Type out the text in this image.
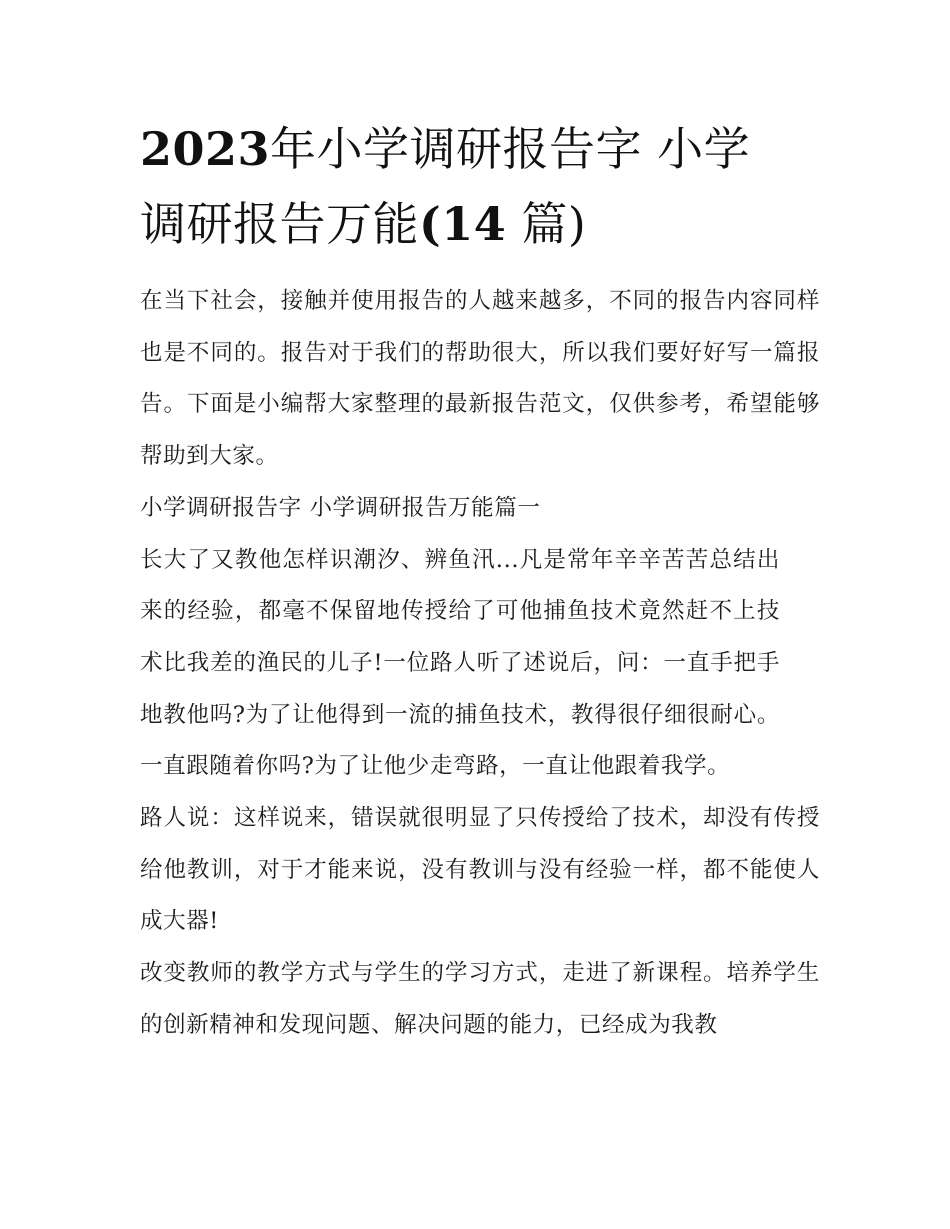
2023年小学调研报告字 小学
调研报告万能(14 篇)

在当下社会，接触并使用报告的人越来越多，不同的报告内容同样也是不同的。报告对于我们的帮助很大，所以我们要好好写一篇报告。下面是小编帮大家整理的最新报告范文，仅供参考，希望能够帮助到大家。

小学调研报告字 小学调研报告万能篇一

长大了又教他怎样识潮汐、辨鱼汛...凡是常年辛辛苦苦总结出来的经验，都毫不保留地传授给了可他捕鱼技术竟然赶不上技术比我差的渔民的儿子!一位路人听了述说后，问：一直手把手地教他吗?为了让他得到一流的捕鱼技术，教得很仔细很耐心。一直跟随着你吗?为了让他少走弯路，一直让他跟着我学。

路人说：这样说来，错误就很明显了只传授给了技术，却没有传授给他教训，对于才能来说，没有教训与没有经验一样，都不能使人成大器!

改变教师的教学方式与学生的学习方式，走进了新课程。培养学生的创新精神和发现问题、解决问题的能力，已经成为我教
